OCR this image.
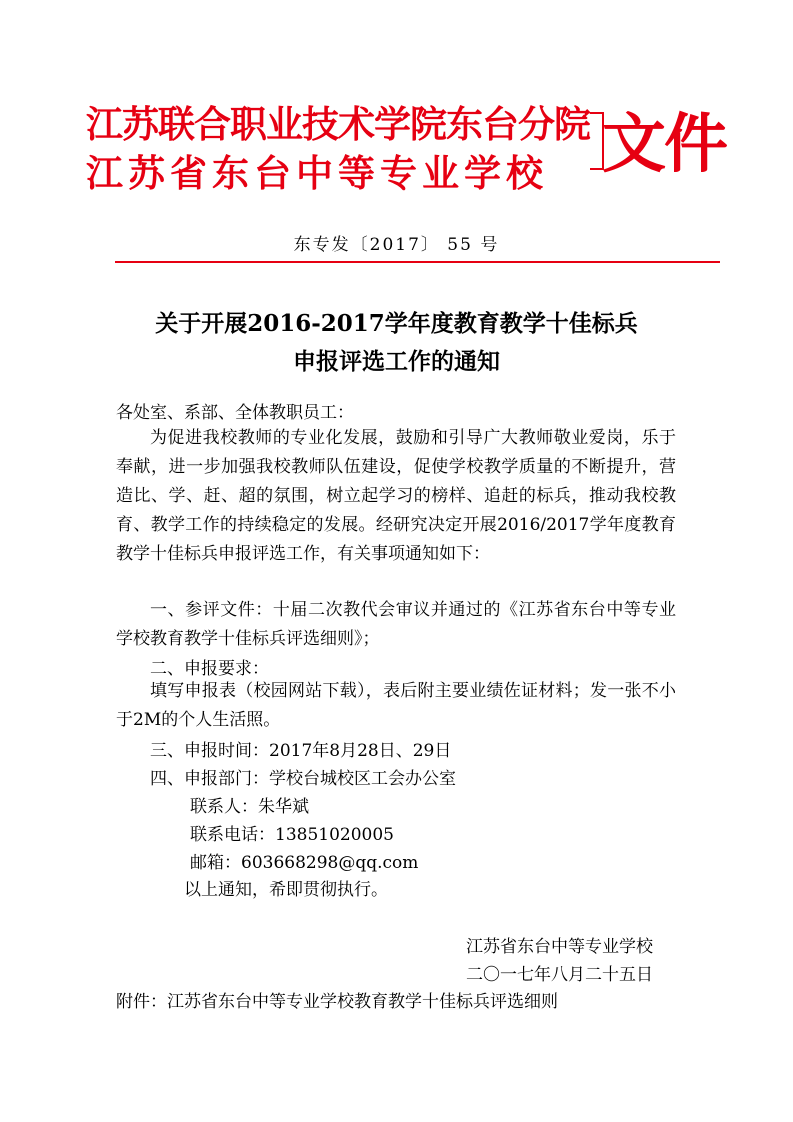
江苏联合职业技术学院东台分院
江苏省东台中等专业学校 文件
东专发〔2017〕 55 号
关于开展2016-2017学年度教育教学十佳标兵
申报评选工作的通知
各处室、系部、全体教职员工：
为促进我校教师的专业化发展，鼓励和引导广大教师敬业爱岗，乐于奉献，进一步加强我校教师队伍建设，促使学校教学质量的不断提升，营造比、学、赶、超的氛围，树立起学习的榜样、追赶的标兵，推动我校教育、教学工作的持续稳定的发展。经研究决定开展2016/2017学年度教育教学十佳标兵申报评选工作，有关事项通知如下：
一、参评文件：十届二次教代会审议并通过的《江苏省东台中等专业学校教育教学十佳标兵评选细则》；
二、申报要求：
填写申报表（校园网站下载），表后附主要业绩佐证材料；发一张不小于2M的个人生活照。
三、申报时间：2017年8月28日、29日
四、申报部门：学校台城校区工会办公室
联系人：朱华斌
联系电话：13851020005
邮箱：603668298@qq.com
以上通知，希即贯彻执行。
江苏省东台中等专业学校
二〇一七年八月二十五日
附件：江苏省东台中等专业学校教育教学十佳标兵评选细则
